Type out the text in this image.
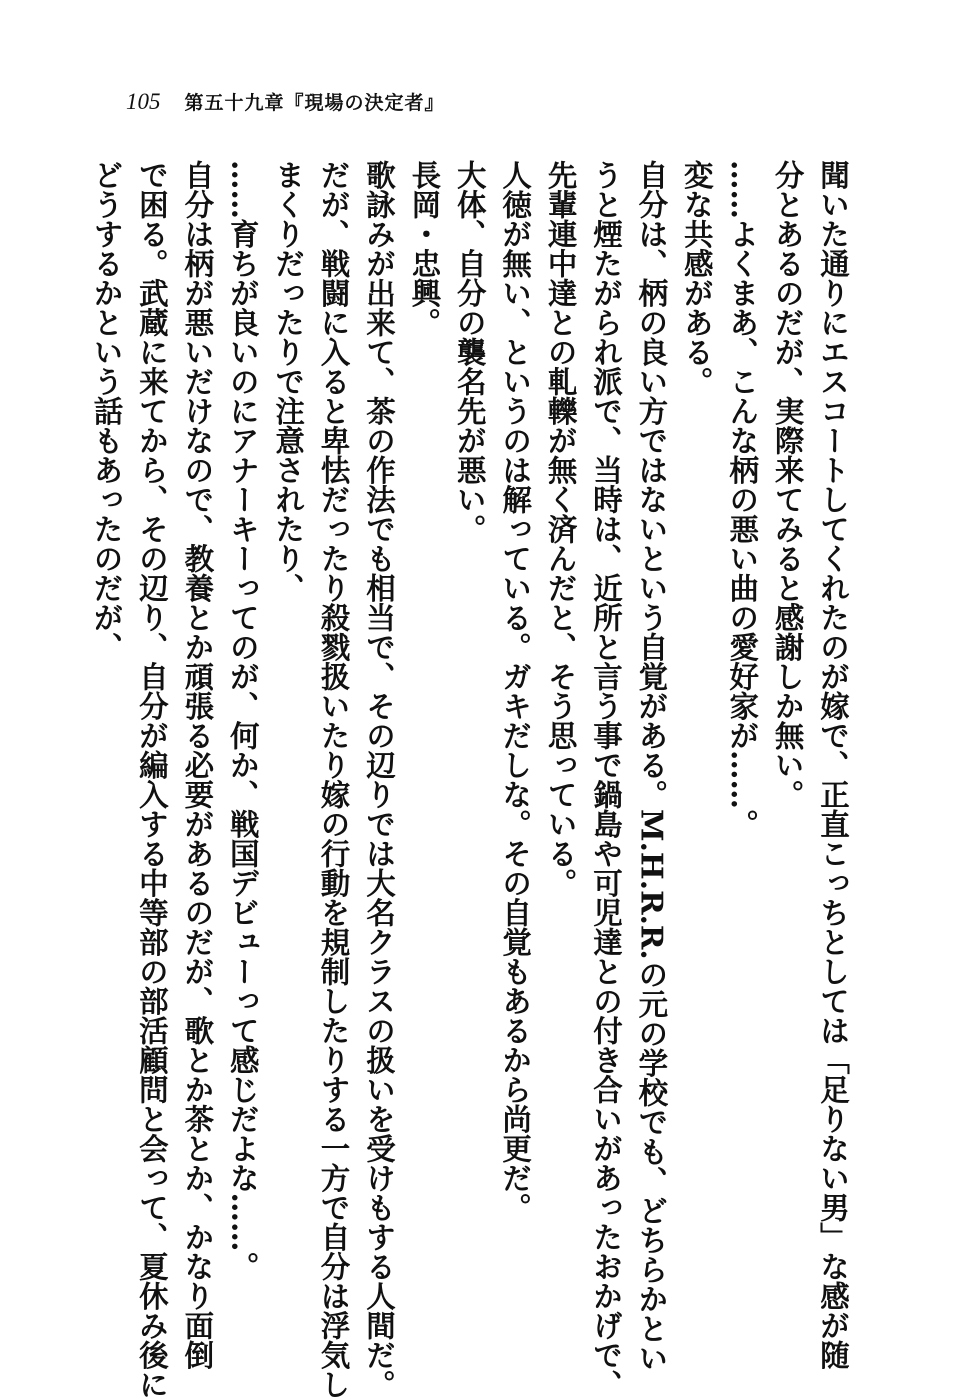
105 第五十九章『現場の決定者』
聞いた通りにエスコートしてくれたのが嫁で、正直こっちとしては「足りない男」な感が随
分とあるのだが、実際来てみると感謝しか無い。
……よくまあ、こんな柄の悪い曲の愛好家が……。
変な共感がある。
自分は、柄の良い方ではないという自覚がある。M.H.R.R.の元の学校でも、どちらかとい
うと煙たがられ派で、当時は、近所と言う事で鍋島や可児達との付き合いがあったおかげで、
先輩連中達との軋轢が無く済んだと、そう思っている。
人徳が無い、というのは解っている。ガキだしな。その自覚もあるから尚更だ。
大体、自分の襲名先が悪い。
長岡・忠興。
歌詠みが出来て、茶の作法でも相当で、その辺りでは大名クラスの扱いを受けもする人間だ。
だが、戦闘に入ると卑怯だったり殺戮扱いたり嫁の行動を規制したりする一方で自分は浮気し
まくりだったりで注意されたり、
……育ちが良いのにアナーキーってのが、何か、戦国デビューって感じだよな……。
自分は柄が悪いだけなので、教養とか頑張る必要があるのだが、歌とか茶とか、かなり面倒
で困る。武蔵に来てから、その辺り、自分が編入する中等部の部活顧問と会って、夏休み後に
どうするかという話もあったのだが、
